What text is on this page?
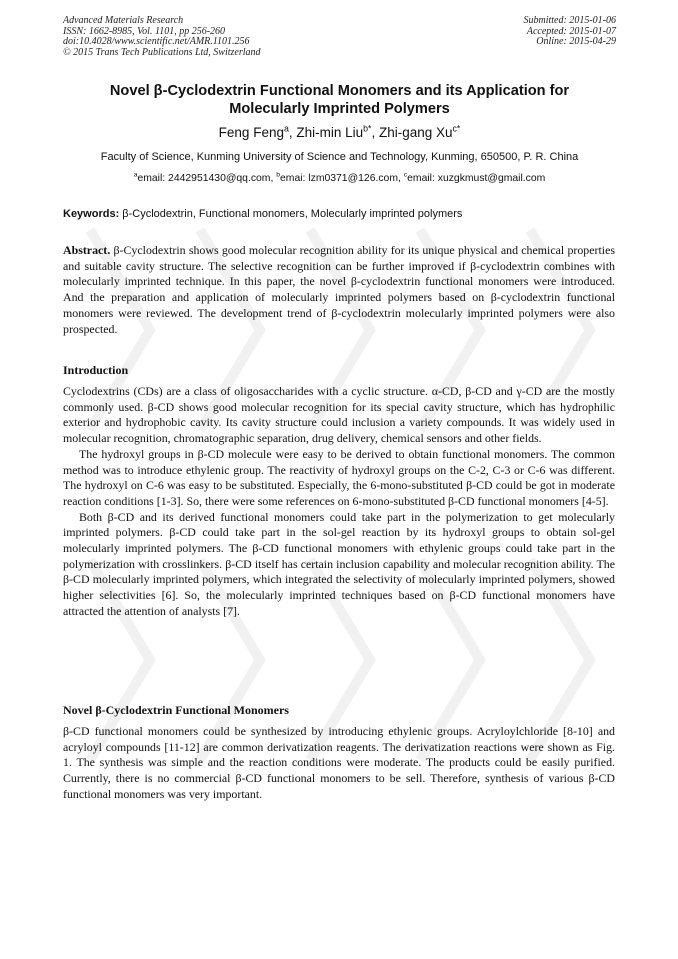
Advanced Materials Research
ISSN: 1662-8985, Vol. 1101, pp 256-260
doi:10.4028/www.scientific.net/AMR.1101.256
© 2015 Trans Tech Publications Ltd, Switzerland
Submitted: 2015-01-06
Accepted: 2015-01-07
Online: 2015-04-29
Novel β-Cyclodextrin Functional Monomers and its Application for
Molecularly Imprinted Polymers
Feng Feng$^a$, Zhi-min Liu$^{b*}$, Zhi-gang $Xu^{c*}$
Faculty of Science, Kunming University of Science and Technology, Kunming, 650500, P. R. China
$^a$email: 2442951430@qq.com, $^b$emai: lzm0371@126.com, $^c$email: xuzgkmust@gmail.com
Keywords: β-Cyclodextrin, Functional monomers, Molecularly imprinted polymers

Abstract. β-Cyclodextrin shows good molecular recognition ability for its unique physical and chemical properties and suitable cavity structure. The selective recognition can be further improved if β-cyclodextrin combines with molecularly imprinted technique. In this paper, the novel β-cyclodextrin functional monomers were introduced. And the preparation and application of molecularly imprinted polymers based on β-cyclodextrin functional monomers were reviewed. The development trend of β-cyclodextrin molecularly imprinted polymers were also prospected.

Introduction

Cyclodextrins (CDs) are a class of oligosaccharides with a cyclic structure. α-CD, β-CD and γ-CD are the mostly commonly used. β-CD shows good molecular recognition for its special cavity structure, which has hydrophilic exterior and hydrophobic cavity. Its cavity structure could inclusion a variety compounds. It was widely used in molecular recognition, chromatographic separation, drug delivery, chemical sensors and other fields.

The hydroxyl groups in β-CD molecule were easy to be derived to obtain functional monomers. The common method was to introduce ethylenic group. The reactivity of hydroxyl groups on the C-2, C-3 or C-6 was different. The hydroxyl on C-6 was easy to be substituted. Especially, the 6-mono-substituted β-CD could be got in moderate reaction conditions [1-3]. So, there were some references on 6-mono-substituted β-CD functional monomers [4-5].

Both β-CD and its derived functional monomers could take part in the polymerization to get molecularly imprinted polymers. β-CD could take part in the sol-gel reaction by its hydroxyl groups to obtain sol-gel molecularly imprinted polymers. The β-CD functional monomers with ethylenic groups could take part in the polymerization with crosslinkers. β-CD itself has certain inclusion capability and molecular recognition ability. The β-CD molecularly imprinted polymers, which integrated the selectivity of molecularly imprinted polymers, showed higher selectivities [6]. So, the molecularly imprinted techniques based on β-CD functional monomers have attracted the attention of analysts [7].

Novel β-Cyclodextrin Functional Monomers

β-CD functional monomers could be synthesized by introducing ethylenic groups. Acryloylchloride [8-10] and acryloyl compounds [11-12] are common derivatization reagents. The derivatization reactions were shown as Fig. 1. The synthesis was simple and the reaction conditions were moderate. The products could be easily purified. Currently, there is no commercial β-CD functional monomers to be sell. Therefore, synthesis of various β-CD functional monomers was very important.
